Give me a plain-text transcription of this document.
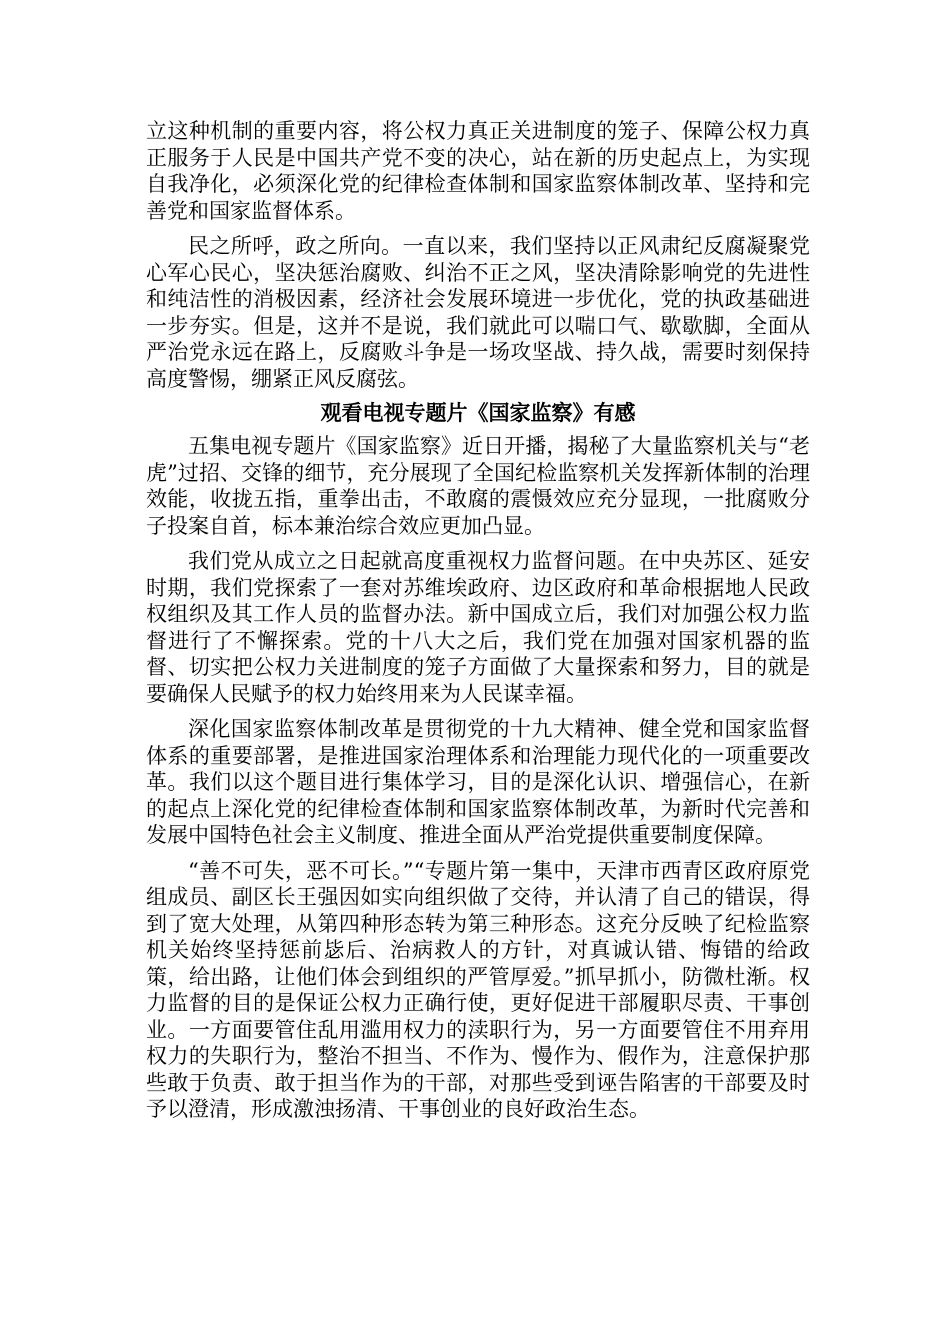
立这种机制的重要内容，将公权力真正关进制度的笼子、保障公权力真正服务于人民是中国共产党不变的决心，站在新的历史起点上，为实现自我净化，必须深化党的纪律检查体制和国家监察体制改革、坚持和完善党和国家监督体系。

民之所呼，政之所向。一直以来，我们坚持以正风肃纪反腐凝聚党心军心民心，坚决惩治腐败、纠治不正之风，坚决清除影响党的先进性和纯洁性的消极因素，经济社会发展环境进一步优化，党的执政基础进一步夯实。但是，这并不是说，我们就此可以喘口气、歇歇脚，全面从严治党永远在路上，反腐败斗争是一场攻坚战、持久战，需要时刻保持高度警惕，绷紧正风反腐弦。

观看电视专题片《国家监察》有感

五集电视专题片《国家监察》近日开播，揭秘了大量监察机关与“老虎”过招、交锋的细节，充分展现了全国纪检监察机关发挥新体制的治理效能，收拢五指，重拳出击，不敢腐的震慑效应充分显现，一批腐败分子投案自首，标本兼治综合效应更加凸显。

我们党从成立之日起就高度重视权力监督问题。在中央苏区、延安时期，我们党探索了一套对苏维埃政府、边区政府和革命根据地人民政权组织及其工作人员的监督办法。新中国成立后，我们对加强公权力监督进行了不懈探索。党的十八大之后，我们党在加强对国家机器的监督、切实把公权力关进制度的笼子方面做了大量探索和努力，目的就是要确保人民赋予的权力始终用来为人民谋幸福。

深化国家监察体制改革是贯彻党的十九大精神、健全党和国家监督体系的重要部署，是推进国家治理体系和治理能力现代化的一项重要改革。我们以这个题目进行集体学习，目的是深化认识、增强信心，在新的起点上深化党的纪律检查体制和国家监察体制改革，为新时代完善和发展中国特色社会主义制度、推进全面从严治党提供重要制度保障。

“善不可失，恶不可长。”“专题片第一集中，天津市西青区政府原党组成员、副区长王强因如实向组织做了交待，并认清了自己的错误，得到了宽大处理，从第四种形态转为第三种形态。这充分反映了纪检监察机关始终坚持惩前毖后、治病救人的方针，对真诚认错、悔错的给政策，给出路，让他们体会到组织的严管厚爱。”抓早抓小，防微杜渐。权力监督的目的是保证公权力正确行使，更好促进干部履职尽责、干事创业。一方面要管住乱用滥用权力的渎职行为，另一方面要管住不用弃用权力的失职行为，整治不担当、不作为、慢作为、假作为，注意保护那些敢于负责、敢于担当作为的干部，对那些受到诬告陷害的干部要及时予以澄清，形成激浊扬清、干事创业的良好政治生态。
